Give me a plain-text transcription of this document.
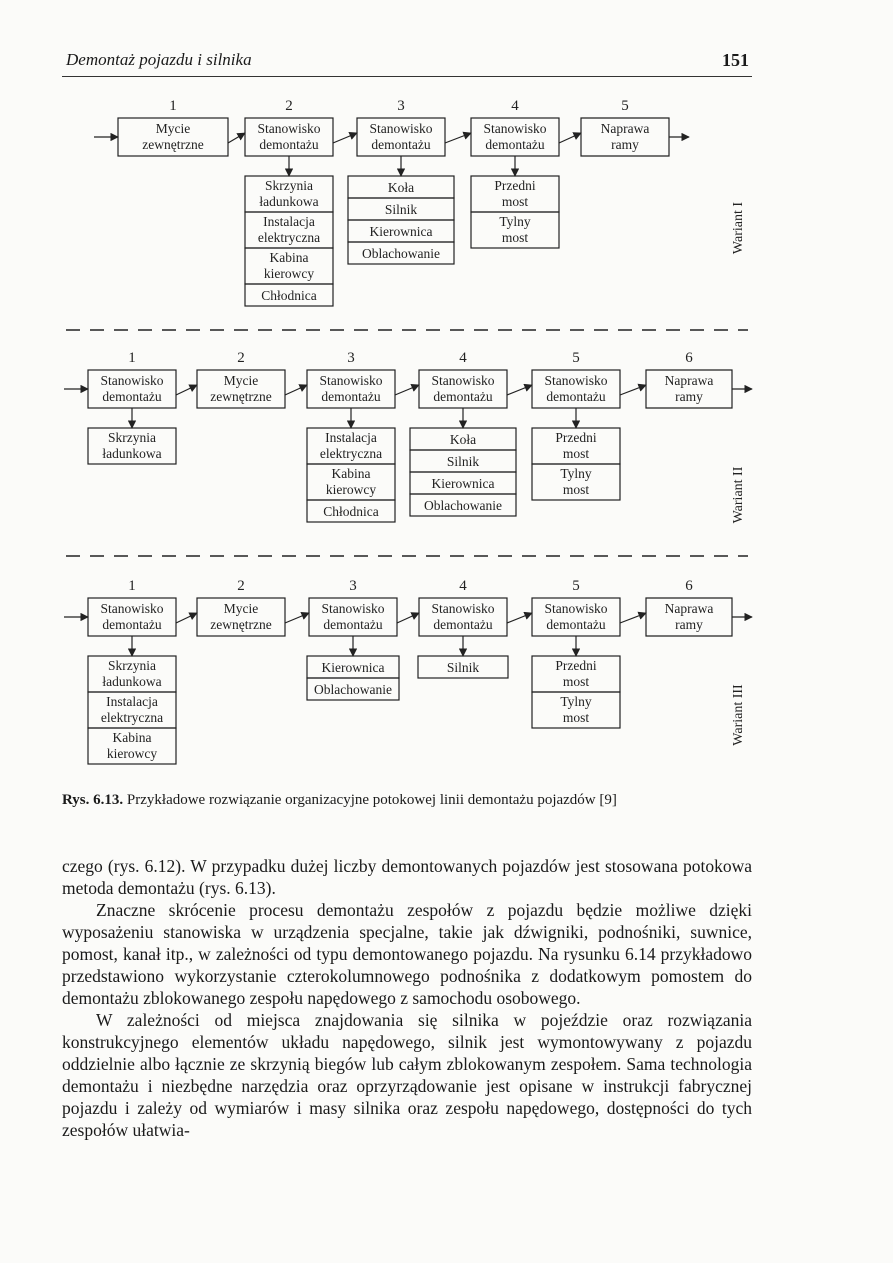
Demontaż pojazdu i silnika	151
1
Mycie
zewnętrzne
2
Stanowisko
demontażu
Skrzynia
ładunkowa
Instalacja
elektryczna
Kabina
kierowcy
Chłodnica
3
Stanowisko
demontażu
Koła
Silnik
Kierownica
Oblachowanie
4
Stanowisko
demontażu
Przedni
most
Tylny
most
5
Naprawa
ramy
Wariant I
1
Stanowisko
demontażu
Skrzynia
ładunkowa
2
Mycie
zewnętrzne
3
Stanowisko
demontażu
Instalacja
elektryczna
Kabina
kierowcy
Chłodnica
4
Stanowisko
demontażu
Koła
Silnik
Kierownica
Oblachowanie
5
Stanowisko
demontażu
Przedni
most
Tylny
most
6
Naprawa
ramy
Wariant II
1
Stanowisko
demontażu
Skrzynia
ładunkowa
Instalacja
elektryczna
Kabina
kierowcy
2
Mycie
zewnętrzne
3
Stanowisko
demontażu
Kierownica
Oblachowanie
4
Stanowisko
demontażu
Silnik
5
Stanowisko
demontażu
Przedni
most
Tylny
most
6
Naprawa
ramy
Wariant III
Rys. 6.13. Przykładowe rozwiązanie organizacyjne potokowej linii demontażu pojazdów [9]

czego (rys. 6.12). W przypadku dużej liczby demontowanych pojazdów jest stosowana potokowa metoda demontażu (rys. 6.13).

Znaczne skrócenie procesu demontażu zespołów z pojazdu będzie możliwe dzięki wyposażeniu stanowiska w urządzenia specjalne, takie jak dźwigniki, podnośniki, suwnice, pomost, kanał itp., w zależności od typu demontowanego pojazdu. Na rysunku 6.14 przykładowo przedstawiono wykorzystanie czterokolumnowego podnośnika z dodatkowym pomostem do demontażu zblokowanego zespołu napędowego z samochodu osobowego.

W zależności od miejsca znajdowania się silnika w pojeździe oraz rozwiązania konstrukcyjnego elementów układu napędowego, silnik jest wymontowywany z pojazdu oddzielnie albo łącznie ze skrzynią biegów lub całym zblokowanym zespołem. Sama technologia demontażu i niezbędne narzędzia oraz oprzyrządowanie jest opisane w instrukcji fabrycznej pojazdu i zależy od wymiarów i masy silnika oraz zespołu napędowego, dostępności do tych zespołów ułatwia-
